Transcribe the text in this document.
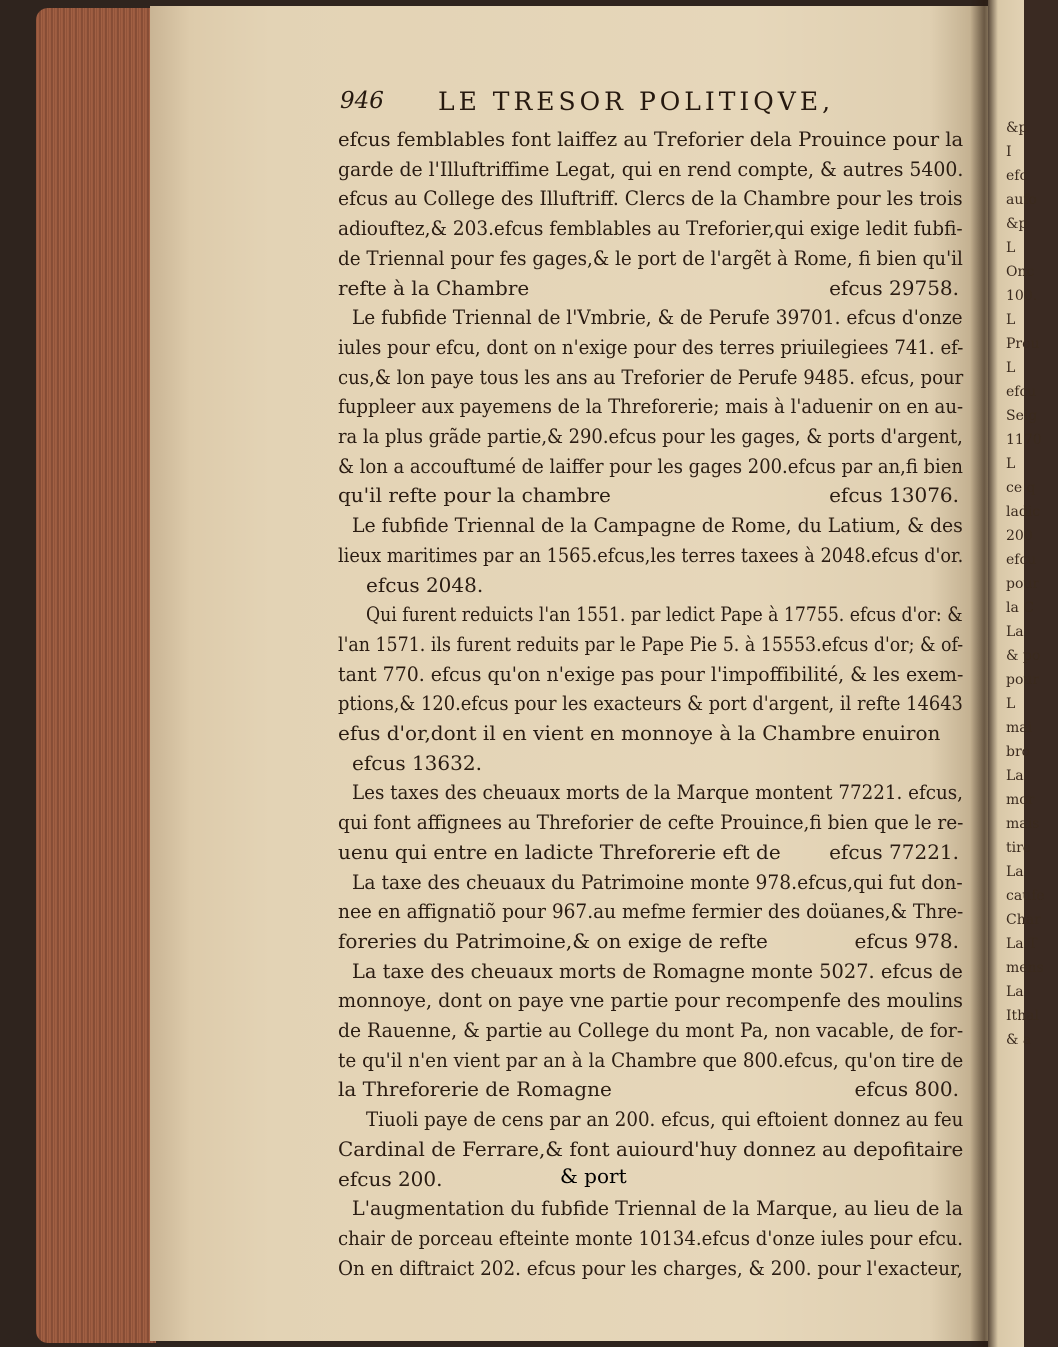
&p
I
efc
aufo
&p
L
Onc
100.
L
Prou
L
efcu
Seig
1170
L
ce q
ladic
200
efcu
pour
la C
La
& po
pour
L
mai
bro
La
mor
mais
tire
La
caufe
Char
La T
mens
La
Ithal
& a
946 LE TRESOR POLITIQVE,
efcus femblables font laiffez au Treforier dela Prouince pour la
garde de l'Illuftriffime Legat, qui en rend compte, & autres 5400.
efcus au College des Illuftriff. Clercs de la Chambre pour les trois
adiouftez,& 203.efcus femblables au Treforier,qui exige ledit fubfi-
de Triennal pour fes gages,& le port de l'argẽt à Rome, fi bien qu'il
refte à la Chambre	efcus 29758.
Le fubfide Triennal de l'Vmbrie, & de Perufe 39701. efcus d'onze
iules pour efcu, dont on n'exige pour des terres priuilegiees 741. ef-
cus,& lon paye tous les ans au Treforier de Perufe 9485. efcus, pour
fuppleer aux payemens de la Threforerie; mais à l'aduenir on en au-
ra la plus grãde partie,& 290.efcus pour les gages, & ports d'argent,
& lon a accouftumé de laiffer pour les gages 200.efcus par an,fi bien
qu'il refte pour la chambre	efcus 13076.
Le fubfide Triennal de la Campagne de Rome, du Latium, & des
lieux maritimes par an 1565.efcus,les terres taxees à 2048.efcus d'or.
efcus 2048.
Qui furent reduicts l'an 1551. par ledict Pape à 17755. efcus d'or: &
l'an 1571. ils furent reduits par le Pape Pie 5. à 15553.efcus d'or; & of-
tant 770. efcus qu'on n'exige pas pour l'impoffibilité, & les exem-
ptions,& 120.efcus pour les exacteurs & port d'argent, il refte 14643
efus d'or,dont il en vient en monnoye à la Chambre enuiron
efcus 13632.
Les taxes des cheuaux morts de la Marque montent 77221. efcus,
qui font affignees au Threforier de cefte Prouince,fi bien que le re-
uenu qui entre en ladicte Threforerie eft de efcus 77221.
La taxe des cheuaux du Patrimoine monte 978.efcus,qui fut don-
nee en affignatiõ pour 967.au mefme fermier des doüanes,& Thre-
foreries du Patrimoine,& on exige de refte	efcus 978.
La taxe des cheuaux morts de Romagne monte 5027. efcus de
monnoye, dont on paye vne partie pour recompenfe des moulins
de Rauenne, & partie au College du mont Pa, non vacable, de for-
te qu'il n'en vient par an à la Chambre que 800.efcus, qu'on tire de
la Threforerie de Romagne	efcus 800.
Tiuoli paye de cens par an 200. efcus, qui eftoient donnez au feu
Cardinal de Ferrare,& font auiourd'huy donnez au depofitaire
efcus 200.
L'augmentation du fubfide Triennal de la Marque, au lieu de la
chair de porceau efteinte monte 10134.efcus d'onze iules pour efcu.
On en diftraict 202. efcus pour les charges, & 200. pour l'exacteur,
& port
